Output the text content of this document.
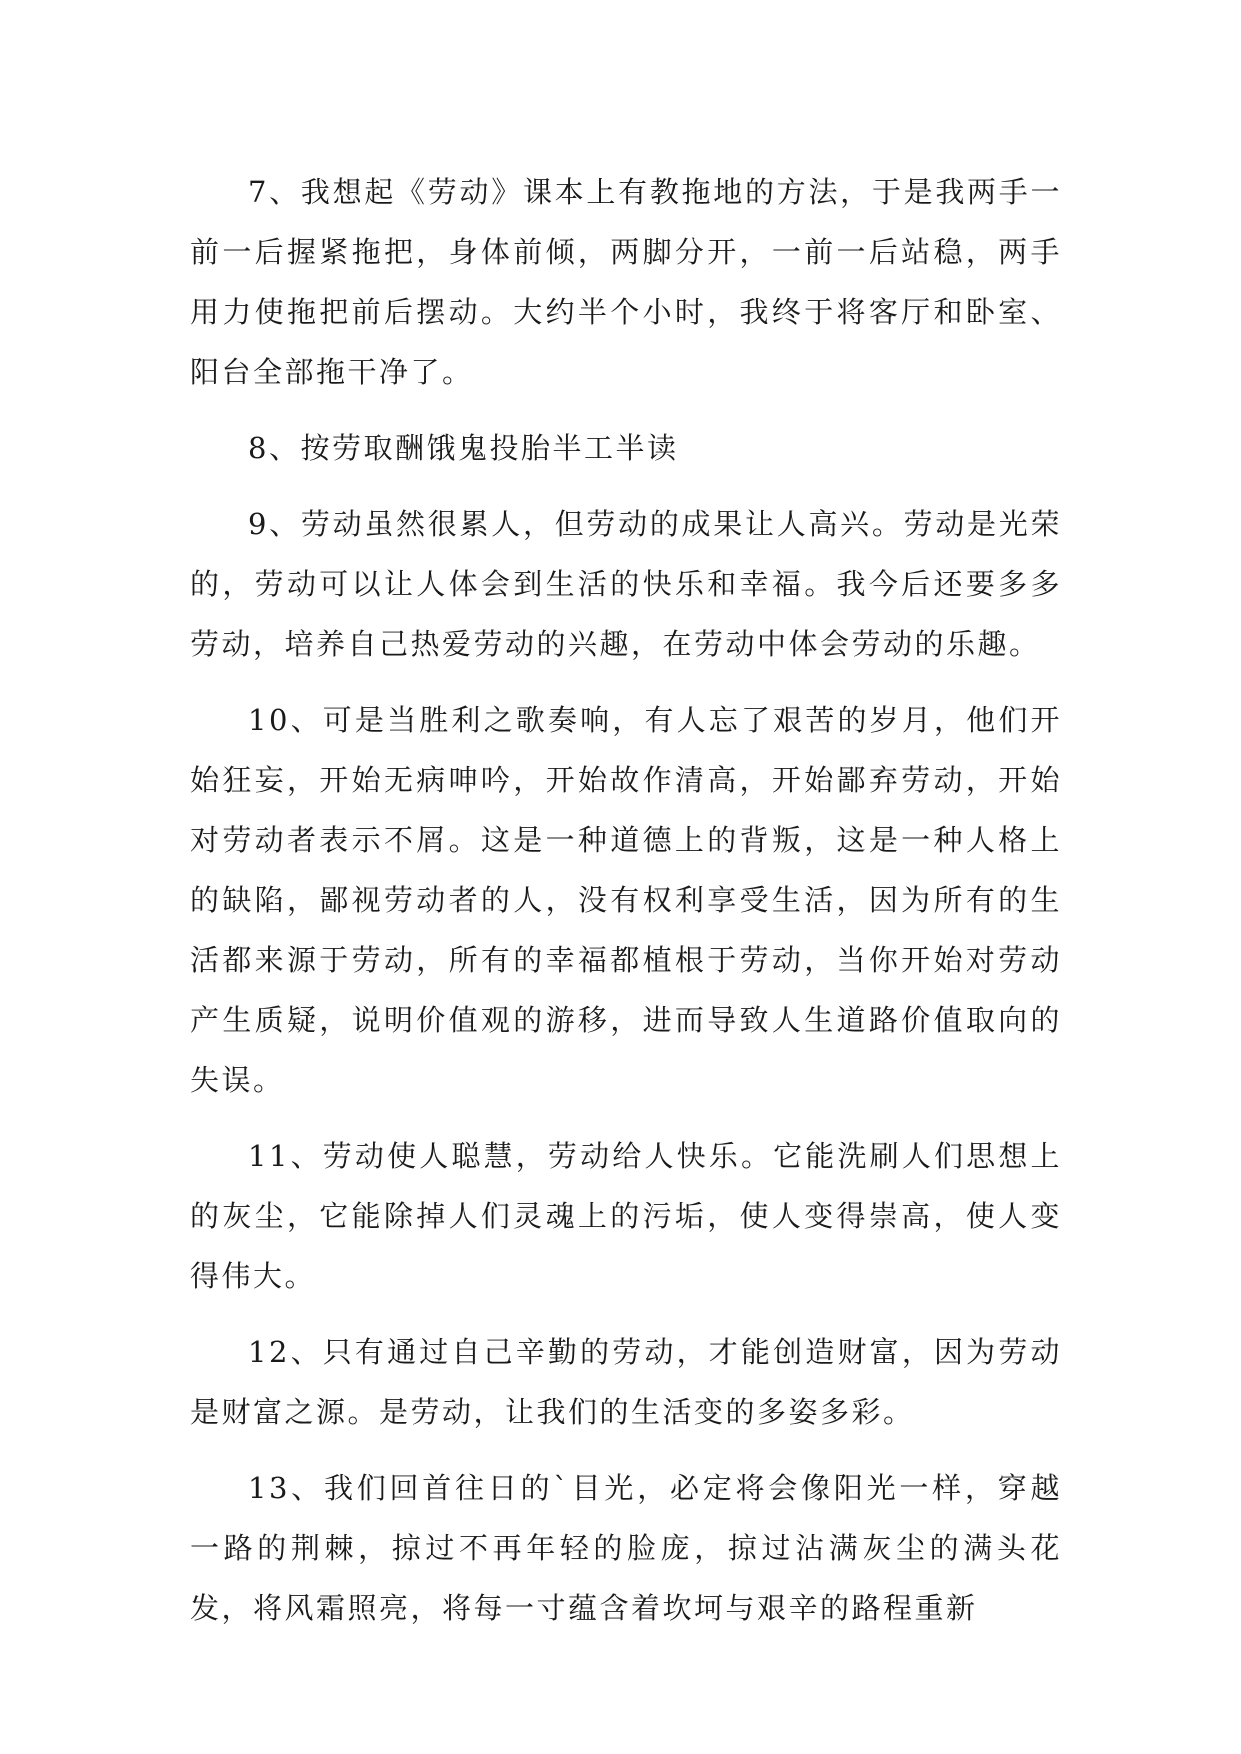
7、我想起《劳动》课本上有教拖地的方法，于是我两手一前一后握紧拖把，身体前倾，两脚分开，一前一后站稳，两手用力使拖把前后摆动。大约半个小时，我终于将客厅和卧室、阳台全部拖干净了。

8、按劳取酬饿鬼投胎半工半读

9、劳动虽然很累人，但劳动的成果让人高兴。劳动是光荣的，劳动可以让人体会到生活的快乐和幸福。我今后还要多多劳动，培养自己热爱劳动的兴趣，在劳动中体会劳动的乐趣。

10、可是当胜利之歌奏响，有人忘了艰苦的岁月，他们开始狂妄，开始无病呻吟，开始故作清高，开始鄙弃劳动，开始对劳动者表示不屑。这是一种道德上的背叛，这是一种人格上的缺陷，鄙视劳动者的人，没有权利享受生活，因为所有的生活都来源于劳动，所有的幸福都植根于劳动，当你开始对劳动产生质疑，说明价值观的游移，进而导致人生道路价值取向的失误。

11、劳动使人聪慧，劳动给人快乐。它能洗刷人们思想上的灰尘，它能除掉人们灵魂上的污垢，使人变得崇高，使人变得伟大。

12、只有通过自己辛勤的劳动，才能创造财富，因为劳动是财富之源。是劳动，让我们的生活变的多姿多彩。

13、我们回首往日的`目光，必定将会像阳光一样，穿越一路的荆棘，掠过不再年轻的脸庞，掠过沾满灰尘的满头花发，将风霜照亮，将每一寸蕴含着坎坷与艰辛的路程重新
